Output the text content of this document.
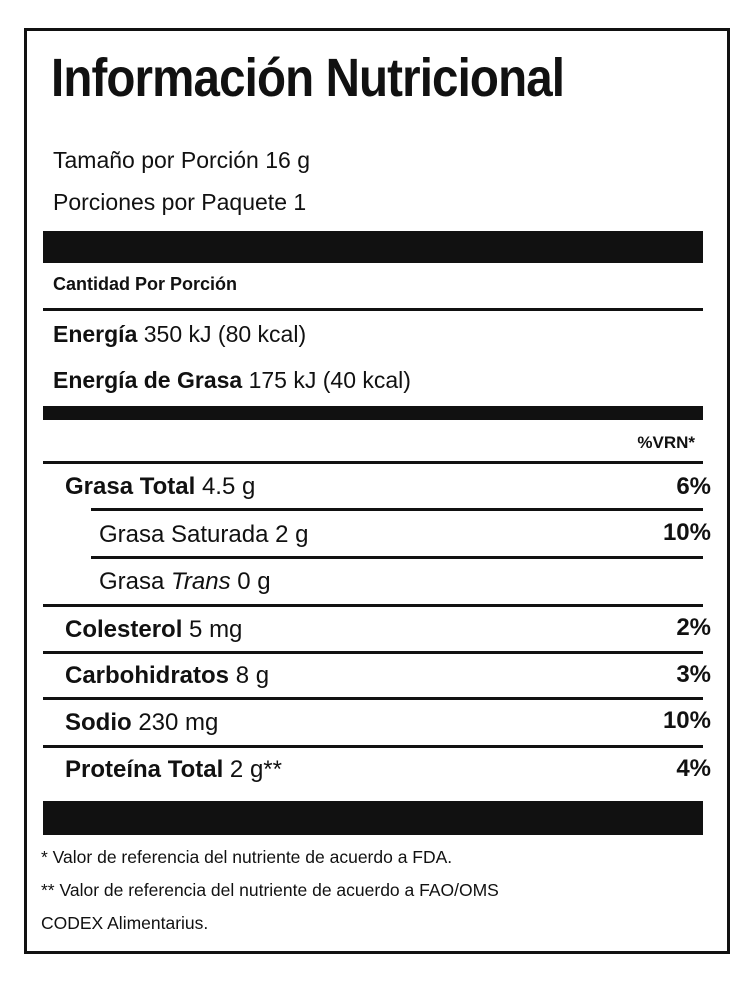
Información Nutricional
Tamaño por Porción 16 g
Porciones por Paquete 1
Cantidad Por Porción
Energía 350 kJ (80 kcal)
Energía de Grasa 175 kJ (40 kcal)
%VRN*
Grasa Total 4.5 g	6%
Grasa Saturada 2 g	10%
Grasa Trans 0 g
Colesterol 5 mg	2%
Carbohidratos 8 g	3%
Sodio 230 mg	10%
Proteína Total 2 g**	4%
* Valor de referencia del nutriente de acuerdo a FDA.
** Valor de referencia del nutriente de acuerdo a FAO/OMS
CODEX Alimentarius.
